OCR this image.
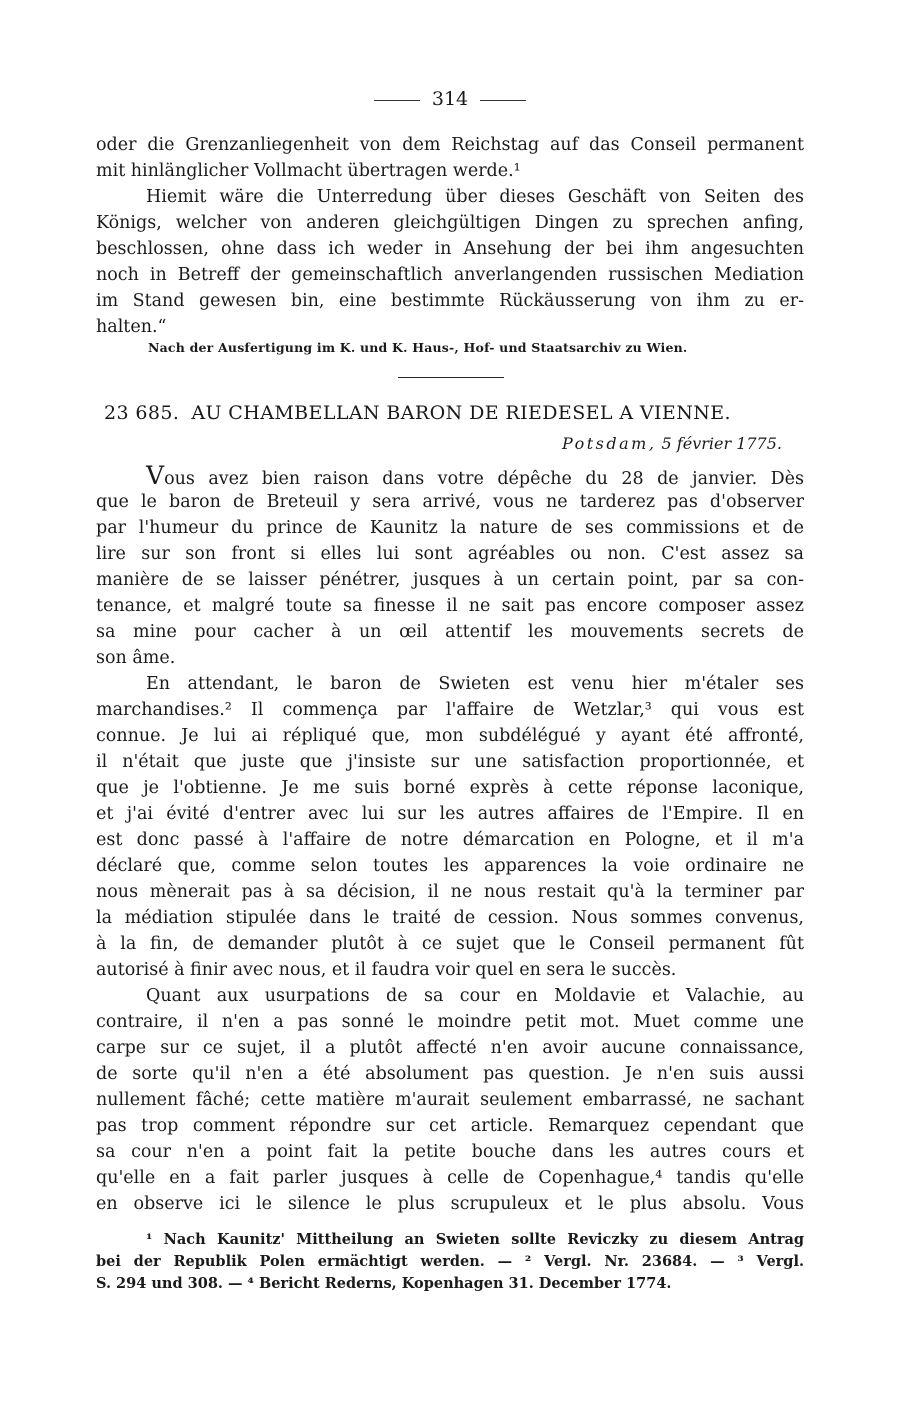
314
oder die Grenzanliegenheit von dem Reichstag auf das Conseil permanent
mit hinlänglicher Vollmacht übertragen werde.¹
Hiemit wäre die Unterredung über dieses Geschäft von Seiten des
Königs, welcher von anderen gleichgültigen Dingen zu sprechen anfing,
beschlossen, ohne dass ich weder in Ansehung der bei ihm angesuchten
noch in Betreff der gemeinschaftlich anverlangenden russischen Mediation
im Stand gewesen bin, eine bestimmte Rückäusserung von ihm zu er-
halten.“
Nach der Ausfertigung im K. und K. Haus-, Hof- und Staatsarchiv zu Wien.
23 685. AU CHAMBELLAN BARON DE RIEDESEL A VIENNE.
Potsdam, 5 février 1775.
Vous avez bien raison dans votre dépêche du 28 de janvier. Dès
que le baron de Breteuil y sera arrivé, vous ne tarderez pas d'observer
par l'humeur du prince de Kaunitz la nature de ses commissions et de
lire sur son front si elles lui sont agréables ou non. C'est assez sa
manière de se laisser pénétrer, jusques à un certain point, par sa con-
tenance, et malgré toute sa finesse il ne sait pas encore composer assez
sa mine pour cacher à un œil attentif les mouvements secrets de
son âme.
En attendant, le baron de Swieten est venu hier m'étaler ses
marchandises.² Il commença par l'affaire de Wetzlar,³ qui vous est
connue. Je lui ai répliqué que, mon subdélégué y ayant été affronté,
il n'était que juste que j'insiste sur une satisfaction proportionnée, et
que je l'obtienne. Je me suis borné exprès à cette réponse laconique,
et j'ai évité d'entrer avec lui sur les autres affaires de l'Empire. Il en
est donc passé à l'affaire de notre démarcation en Pologne, et il m'a
déclaré que, comme selon toutes les apparences la voie ordinaire ne
nous mènerait pas à sa décision, il ne nous restait qu'à la terminer par
la médiation stipulée dans le traité de cession. Nous sommes convenus,
à la fin, de demander plutôt à ce sujet que le Conseil permanent fût
autorisé à finir avec nous, et il faudra voir quel en sera le succès.
Quant aux usurpations de sa cour en Moldavie et Valachie, au
contraire, il n'en a pas sonné le moindre petit mot. Muet comme une
carpe sur ce sujet, il a plutôt affecté n'en avoir aucune connaissance,
de sorte qu'il n'en a été absolument pas question. Je n'en suis aussi
nullement fâché; cette matière m'aurait seulement embarrassé, ne sachant
pas trop comment répondre sur cet article. Remarquez cependant que
sa cour n'en a point fait la petite bouche dans les autres cours et
qu'elle en a fait parler jusques à celle de Copenhague,⁴ tandis qu'elle
en observe ici le silence le plus scrupuleux et le plus absolu. Vous
¹ Nach Kaunitz' Mittheilung an Swieten sollte Reviczky zu diesem Antrag
bei der Republik Polen ermächtigt werden. — ² Vergl. Nr. 23684. — ³ Vergl.
S. 294 und 308. — ⁴ Bericht Rederns, Kopenhagen 31. December 1774.
